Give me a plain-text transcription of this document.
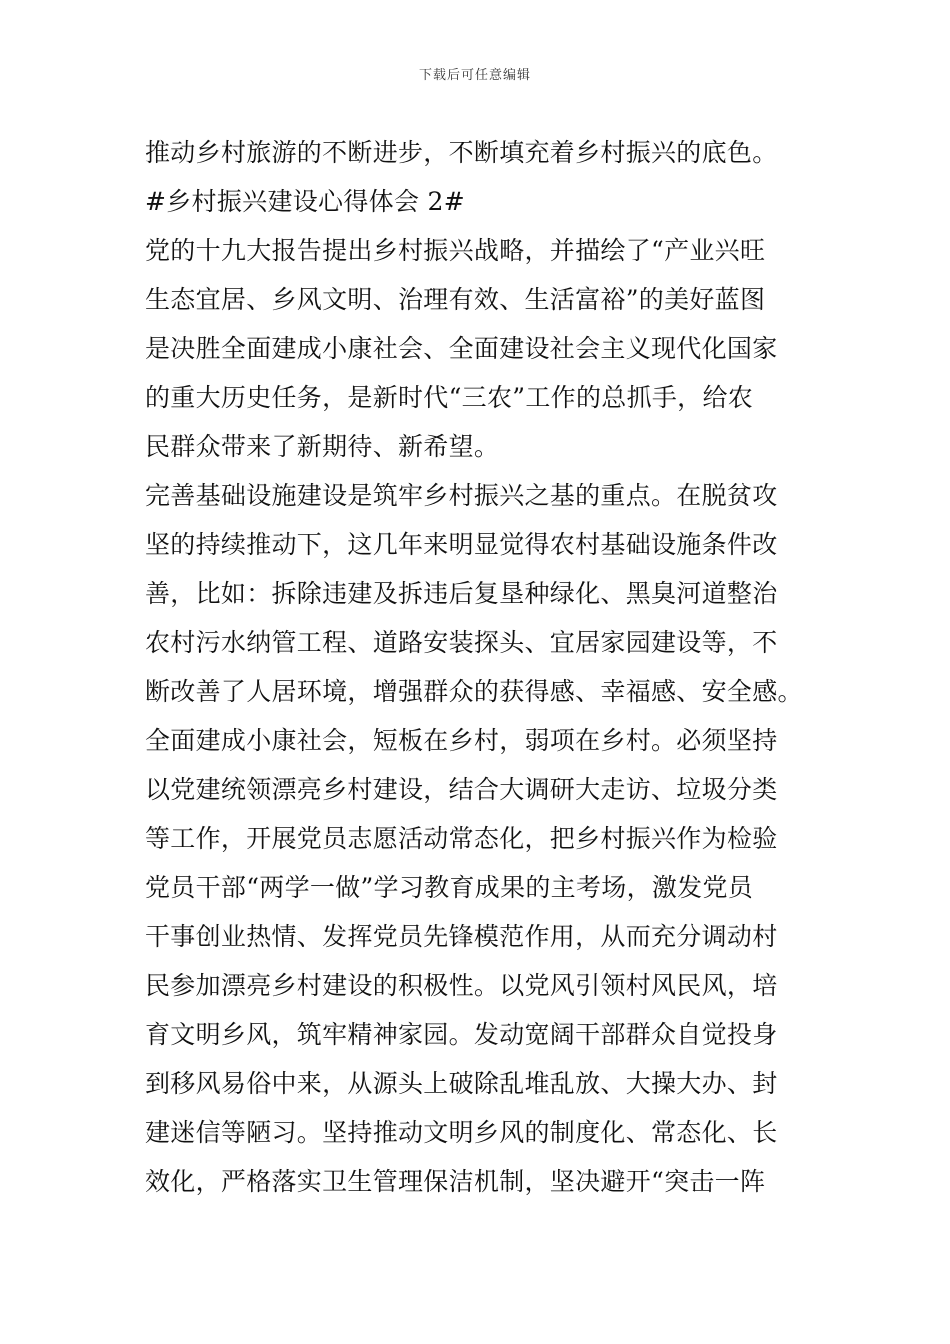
下载后可任意编辑
推动乡村旅游的不断进步，不断填充着乡村振兴的底色。
#乡村振兴建设心得体会 2#
党的十九大报告提出乡村振兴战略，并描绘了“产业兴旺
生态宜居、乡风文明、治理有效、生活富裕”的美好蓝图
是决胜全面建成小康社会、全面建设社会主义现代化国家
的重大历史任务，是新时代“三农”工作的总抓手，给农
民群众带来了新期待、新希望。
完善基础设施建设是筑牢乡村振兴之基的重点。在脱贫攻
坚的持续推动下，这几年来明显觉得农村基础设施条件改
善，比如：拆除违建及拆违后复垦种绿化、黑臭河道整治
农村污水纳管工程、道路安装探头、宜居家园建设等，不
断改善了人居环境，增强群众的获得感、幸福感、安全感。
全面建成小康社会，短板在乡村，弱项在乡村。必须坚持
以党建统领漂亮乡村建设，结合大调研大走访、垃圾分类
等工作，开展党员志愿活动常态化，把乡村振兴作为检验
党员干部“两学一做”学习教育成果的主考场，激发党员
干事创业热情、发挥党员先锋模范作用，从而充分调动村
民参加漂亮乡村建设的积极性。以党风引领村风民风，培
育文明乡风，筑牢精神家园。发动宽阔干部群众自觉投身
到移风易俗中来，从源头上破除乱堆乱放、大操大办、封
建迷信等陋习。坚持推动文明乡风的制度化、常态化、长
效化，严格落实卫生管理保洁机制，坚决避开“突击一阵
